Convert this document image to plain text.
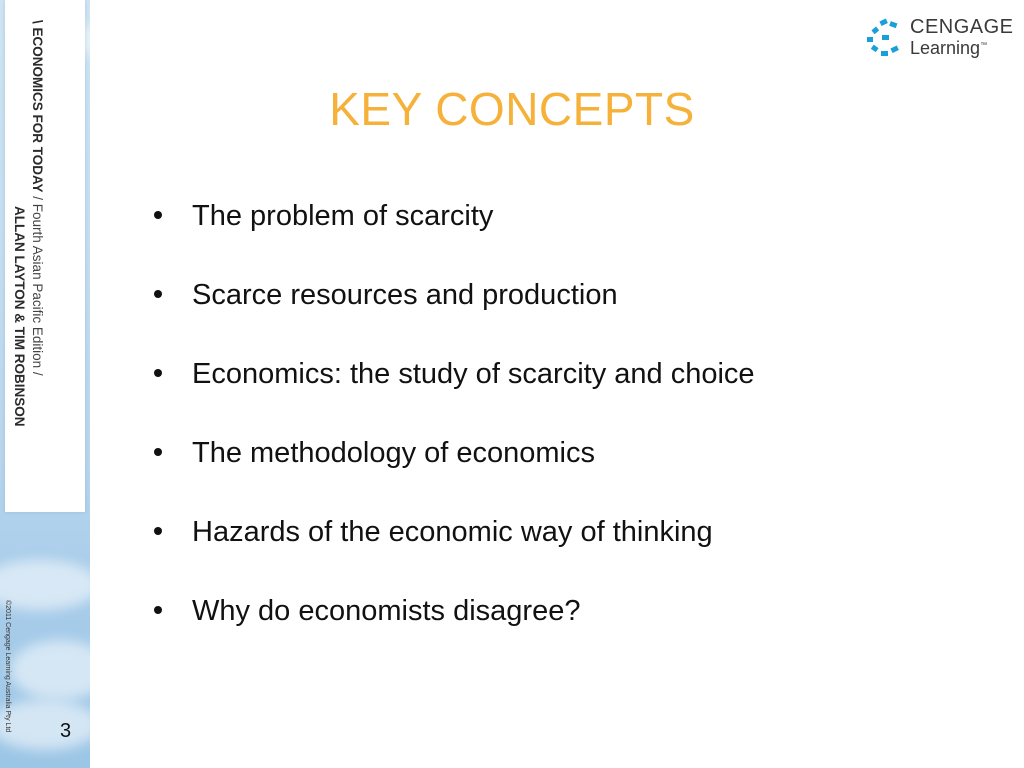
\ ECONOMICS FOR TODAY / Fourth Asian Pacific Edition /
ALLAN LAYTON & TIM ROBINSON
©2011 Cengage Learning Australia Pty Ltd 3
CENGAGE
Learning™
KEY CONCEPTS
The problem of scarcity
Scarce resources and production
Economics: the study of scarcity and choice
The methodology of economics
Hazards of the economic way of thinking
Why do economists disagree?
